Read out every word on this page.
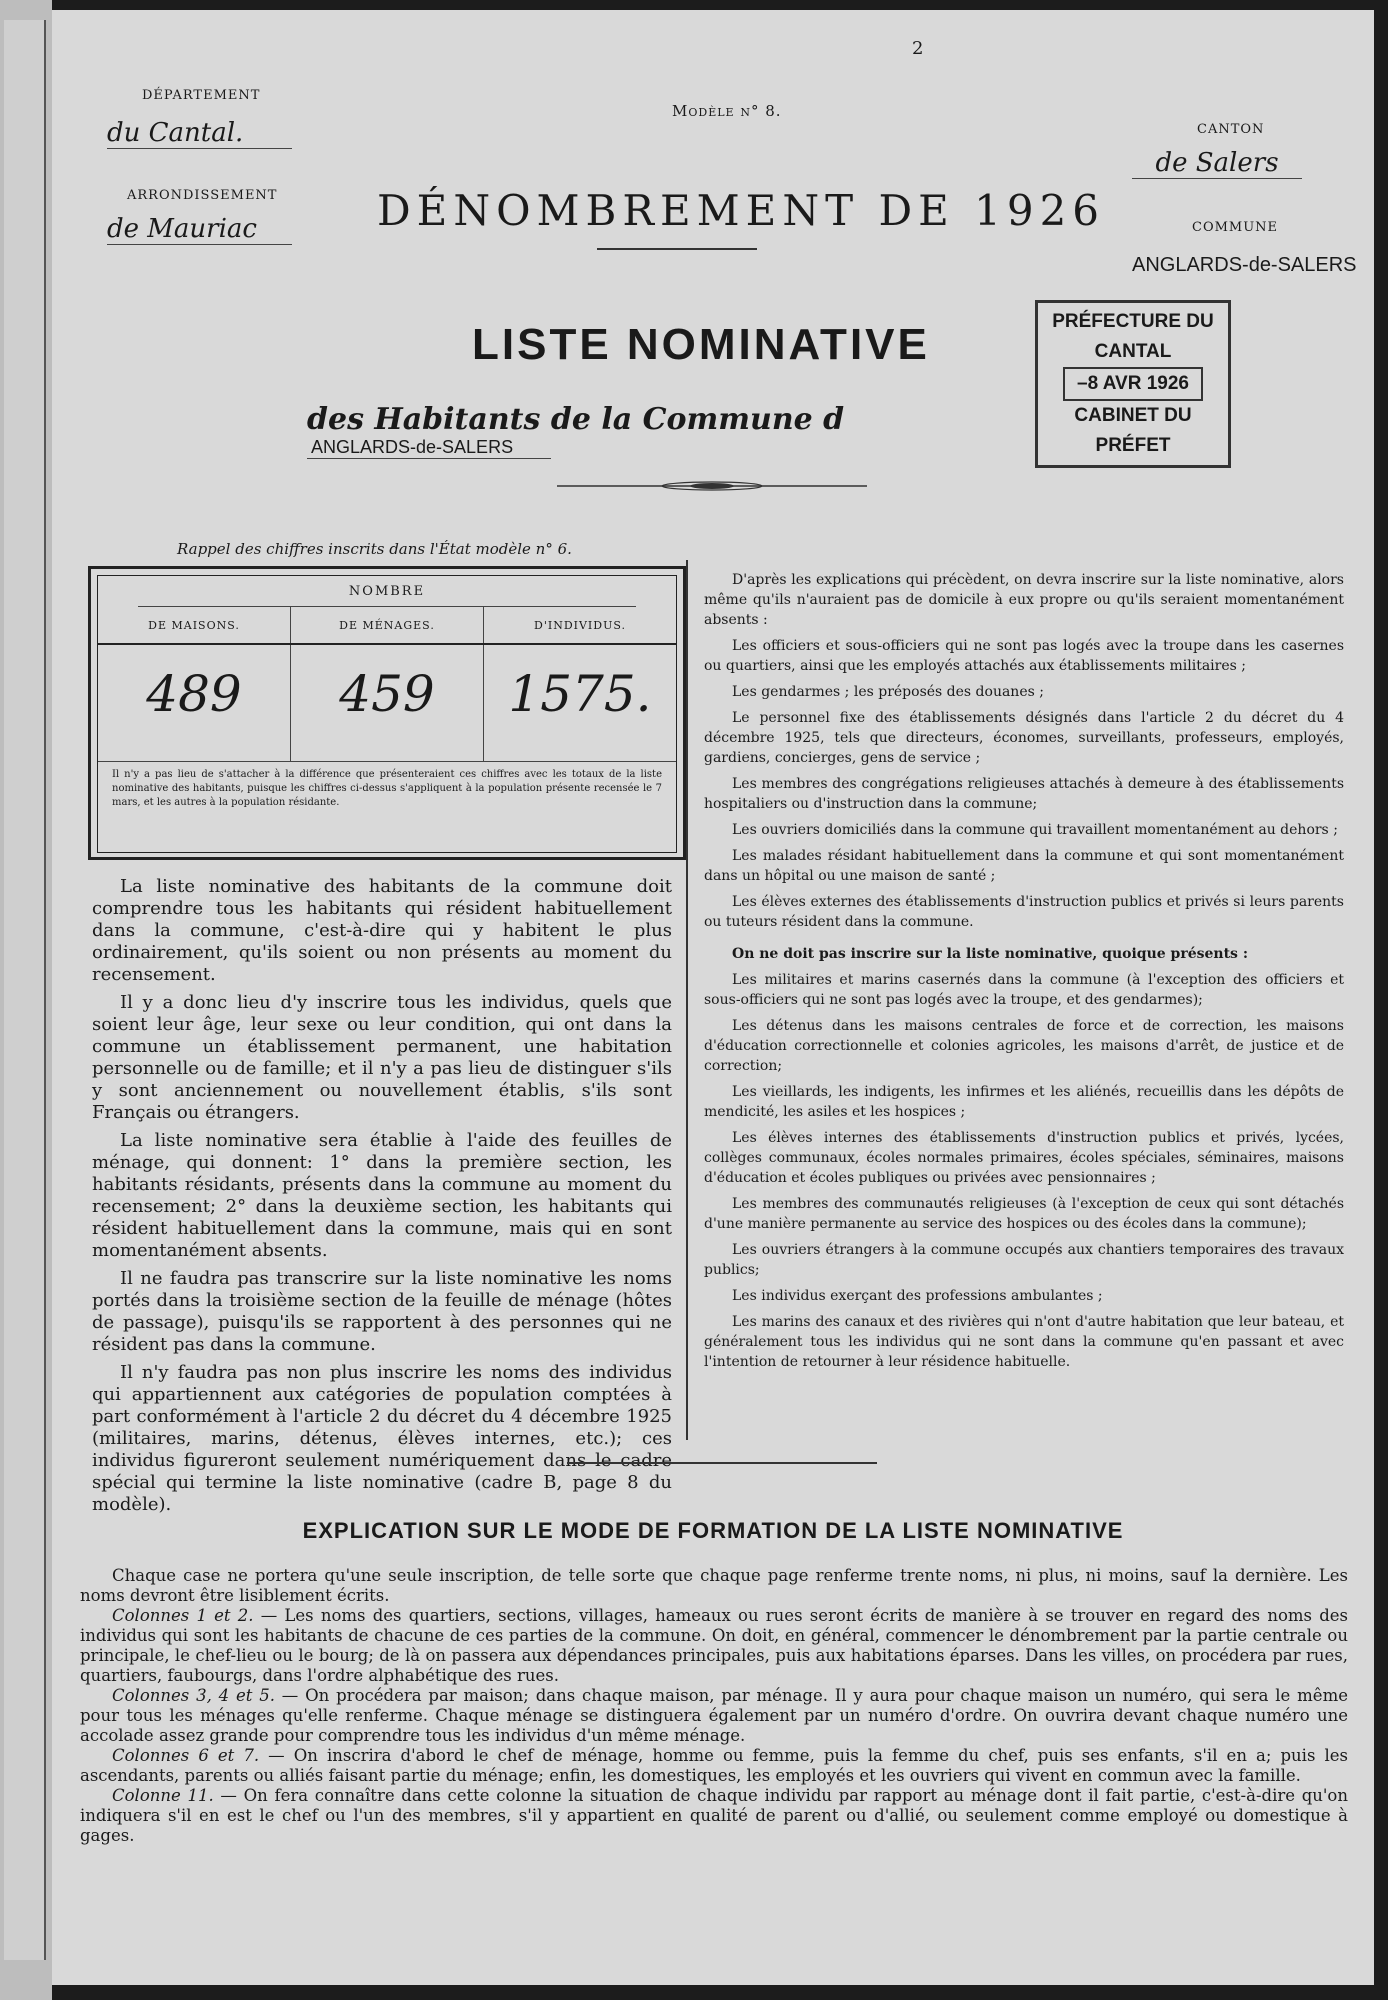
2
DÉPARTEMENT
du Cantal.
ARRONDISSEMENT
de Mauriac
Modèle n° 8.
DÉNOMBREMENT DE 1926
CANTON
de Salers
COMMUNE
ANGLARDS-de-SALERS
PRÉFECTURE DU CANTAL
–8 AVR 1926
CABINET DU PRÉFET
LISTE NOMINATIVE
des Habitants de la Commune dANGLARDS-de-SALERS
Rappel des chiffres inscrits dans l'État modèle n° 6.
NOMBRE
DE MAISONS.	DE MÉNAGES.	D'INDIVIDUS.
489	459	1575.
Il n'y a pas lieu de s'attacher à la différence que présenteraient ces chiffres avec les totaux de la liste nominative des habitants, puisque les chiffres ci-dessus s'appliquent à la population présente recensée le 7 mars, et les autres à la population résidante.

La liste nominative des habitants de la commune doit comprendre tous les habitants qui résident habituellement dans la commune, c'est-à-dire qui y habitent le plus ordinairement, qu'ils soient ou non présents au moment du recensement.

Il y a donc lieu d'y inscrire tous les individus, quels que soient leur âge, leur sexe ou leur condition, qui ont dans la commune un établissement permanent, une habitation personnelle ou de famille; et il n'y a pas lieu de distinguer s'ils y sont anciennement ou nouvellement établis, s'ils sont Français ou étrangers.

La liste nominative sera établie à l'aide des feuilles de ménage, qui donnent: 1° dans la première section, les habitants résidants, présents dans la commune au moment du recensement; 2° dans la deuxième section, les habitants qui résident habituellement dans la commune, mais qui en sont momentanément absents.

Il ne faudra pas transcrire sur la liste nominative les noms portés dans la troisième section de la feuille de ménage (hôtes de passage), puisqu'ils se rapportent à des personnes qui ne résident pas dans la commune.

Il n'y faudra pas non plus inscrire les noms des individus qui appartiennent aux catégories de population comptées à part conformément à l'article 2 du décret du 4 décembre 1925 (militaires, marins, détenus, élèves internes, etc.); ces individus figureront seulement numériquement dans le cadre spécial qui termine la liste nominative (cadre B, page 8 du modèle).

D'après les explications qui précèdent, on devra inscrire sur la liste nominative, alors même qu'ils n'auraient pas de domicile à eux propre ou qu'ils seraient momentanément absents :

Les officiers et sous-officiers qui ne sont pas logés avec la troupe dans les casernes ou quartiers, ainsi que les employés attachés aux établissements militaires ;

Les gendarmes ; les préposés des douanes ;

Le personnel fixe des établissements désignés dans l'article 2 du décret du 4 décembre 1925, tels que directeurs, économes, surveillants, professeurs, employés, gardiens, concierges, gens de service ;

Les membres des congrégations religieuses attachés à demeure à des établissements hospitaliers ou d'instruction dans la commune;

Les ouvriers domiciliés dans la commune qui travaillent momentanément au dehors ;

Les malades résidant habituellement dans la commune et qui sont momentanément dans un hôpital ou une maison de santé ;

Les élèves externes des établissements d'instruction publics et privés si leurs parents ou tuteurs résident dans la commune.

On ne doit pas inscrire sur la liste nominative, quoique présents :

Les militaires et marins casernés dans la commune (à l'exception des officiers et sous-officiers qui ne sont pas logés avec la troupe, et des gendarmes);

Les détenus dans les maisons centrales de force et de correction, les maisons d'éducation correctionnelle et colonies agricoles, les maisons d'arrêt, de justice et de correction;

Les vieillards, les indigents, les infirmes et les aliénés, recueillis dans les dépôts de mendicité, les asiles et les hospices ;

Les élèves internes des établissements d'instruction publics et privés, lycées, collèges communaux, écoles normales primaires, écoles spéciales, séminaires, maisons d'éducation et écoles publiques ou privées avec pensionnaires ;

Les membres des communautés religieuses (à l'exception de ceux qui sont détachés d'une manière permanente au service des hospices ou des écoles dans la commune);

Les ouvriers étrangers à la commune occupés aux chantiers temporaires des travaux publics;

Les individus exerçant des professions ambulantes ;

Les marins des canaux et des rivières qui n'ont d'autre habitation que leur bateau, et généralement tous les individus qui ne sont dans la commune qu'en passant et avec l'intention de retourner à leur résidence habituelle.

EXPLICATION SUR LE MODE DE FORMATION DE LA LISTE NOMINATIVE

Chaque case ne portera qu'une seule inscription, de telle sorte que chaque page renferme trente noms, ni plus, ni moins, sauf la dernière. Les noms devront être lisiblement écrits.

Colonnes 1 et 2. — Les noms des quartiers, sections, villages, hameaux ou rues seront écrits de manière à se trouver en regard des noms des individus qui sont les habitants de chacune de ces parties de la commune. On doit, en général, commencer le dénombrement par la partie centrale ou principale, le chef-lieu ou le bourg; de là on passera aux dépendances principales, puis aux habitations éparses. Dans les villes, on procédera par rues, quartiers, faubourgs, dans l'ordre alphabétique des rues.

Colonnes 3, 4 et 5. — On procédera par maison; dans chaque maison, par ménage. Il y aura pour chaque maison un numéro, qui sera le même pour tous les ménages qu'elle renferme. Chaque ménage se distinguera également par un numéro d'ordre. On ouvrira devant chaque numéro une accolade assez grande pour comprendre tous les individus d'un même ménage.

Colonnes 6 et 7. — On inscrira d'abord le chef de ménage, homme ou femme, puis la femme du chef, puis ses enfants, s'il en a; puis les ascendants, parents ou alliés faisant partie du ménage; enfin, les domestiques, les employés et les ouvriers qui vivent en commun avec la famille.

Colonne 11. — On fera connaître dans cette colonne la situation de chaque individu par rapport au ménage dont il fait partie, c'est-à-dire qu'on indiquera s'il en est le chef ou l'un des membres, s'il y appartient en qualité de parent ou d'allié, ou seulement comme employé ou domestique à gages.
